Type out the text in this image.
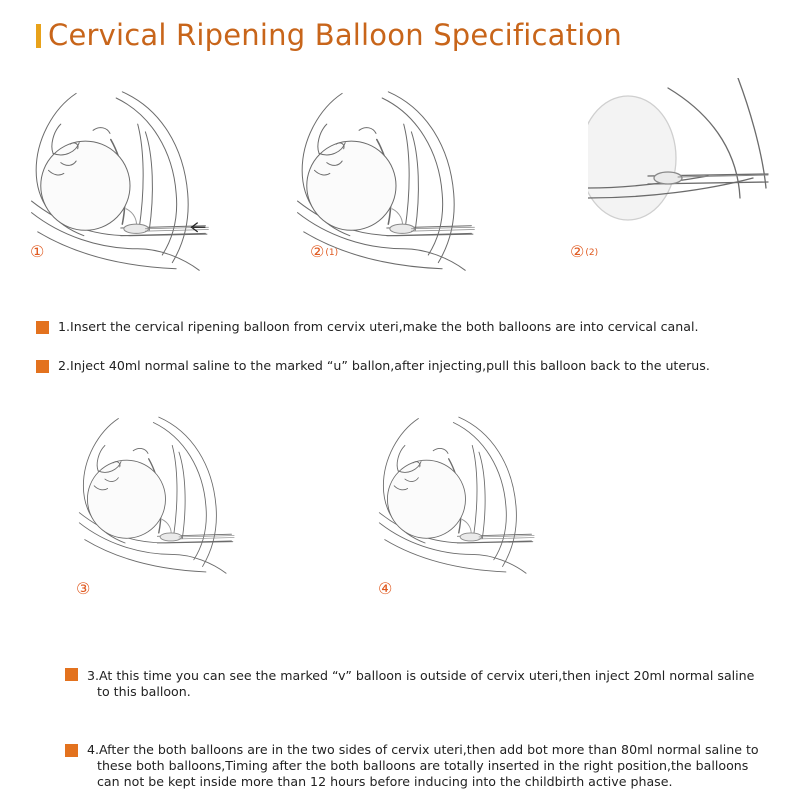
Cervical Ripening Balloon Specification
①	②(1)	②(2)
1.Insert the cervical ripening balloon from cervix uteri,make the both balloons are into cervical canal.
2.Inject 40ml normal saline to the marked “u” ballon,after injecting,pull this balloon back to the uterus.
③	④
3.At this time you can see the marked “v” balloon is outside of cervix uteri,then inject 20ml normal saline
to this balloon.
4.After the both balloons are in the two sides of cervix uteri,then add bot more than 80ml normal saline to
these both balloons,Timing after the both balloons are totally inserted in the right position,the balloons
can not be kept inside more than 12 hours before inducing into the childbirth active phase.
